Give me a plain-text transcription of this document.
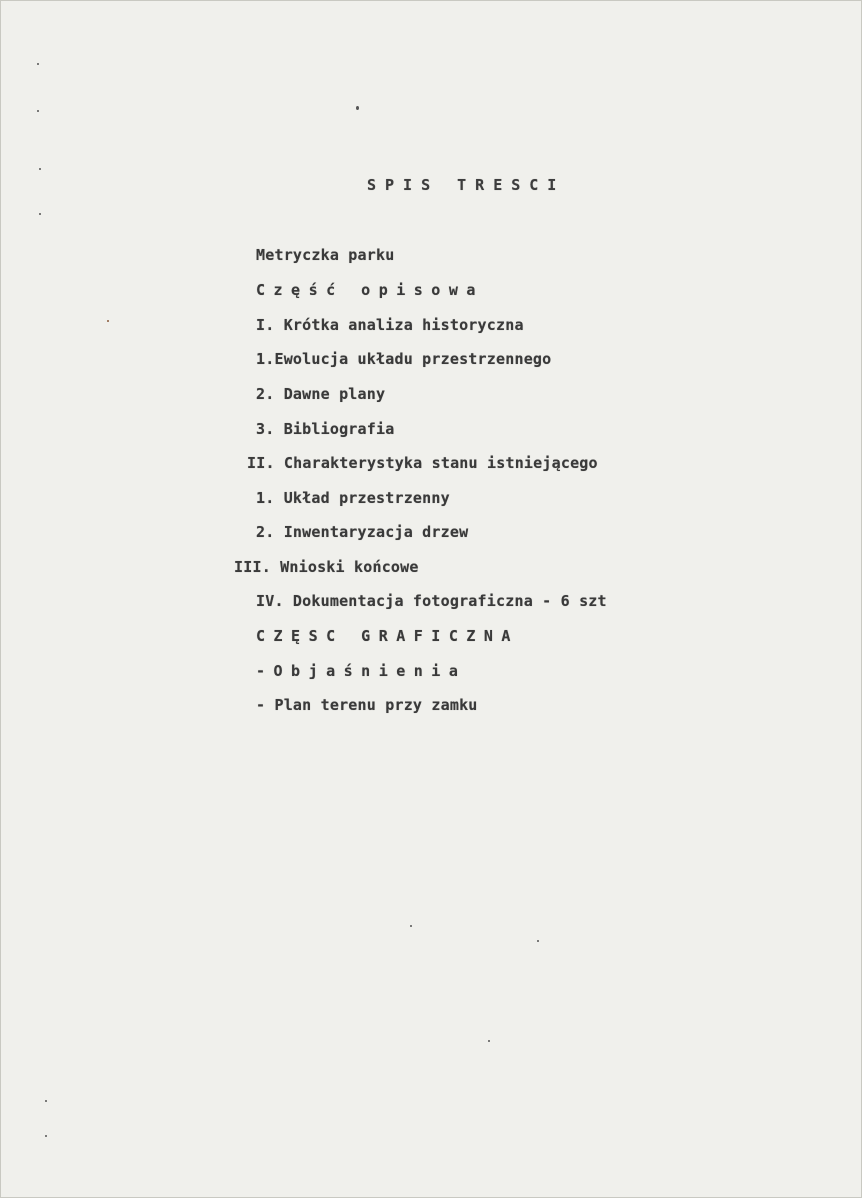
SPIS TRESCI
Metryczka parku
Część opisowa
I. Krótka analiza historyczna
1.Ewolucja układu przestrzennego
2. Dawne plany
3. Bibliografia
II. Charakterystyka stanu istniejącego
1. Układ przestrzenny
2. Inwentaryzacja drzew
III. Wnioski końcowe
IV. Dokumentacja fotograficzna - 6 szt
CZĘSC GRAFICZNA
-Objaśnienia
- Plan terenu przy zamku
